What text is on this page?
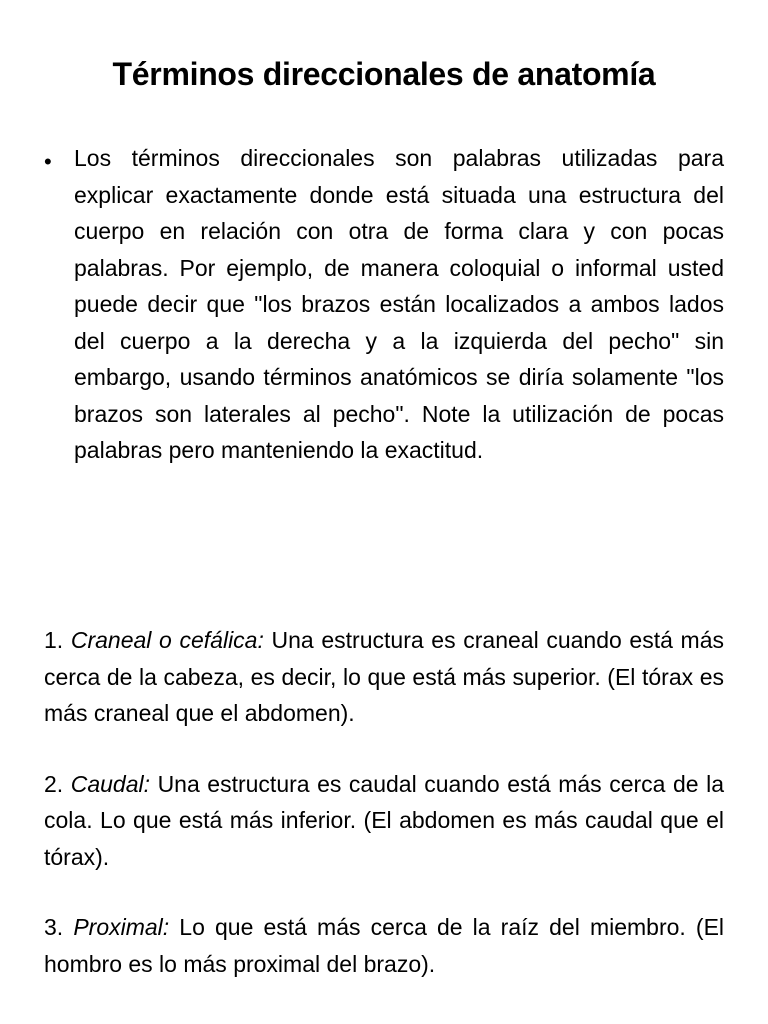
Términos direccionales de anatomía
• Los términos direccionales son palabras utilizadas para explicar exactamente donde está situada una estructura del cuerpo en relación con otra de forma clara y con pocas palabras. Por ejemplo, de manera coloquial o informal usted puede decir que "los brazos están localizados a ambos lados del cuerpo a la derecha y a la izquierda del pecho" sin embargo, usando términos anatómicos se diría solamente "los brazos son laterales al pecho". Note la utilización de pocas palabras pero manteniendo la exactitud.

1. Craneal o cefálica: Una estructura es craneal cuando está más cerca de la cabeza, es decir, lo que está más superior. (El tórax es más craneal que el abdomen).

2. Caudal: Una estructura es caudal cuando está más cerca de la cola. Lo que está más inferior. (El abdomen es más caudal que el tórax).

3. Proximal: Lo que está más cerca de la raíz del miembro. (El hombro es lo más proximal del brazo).
